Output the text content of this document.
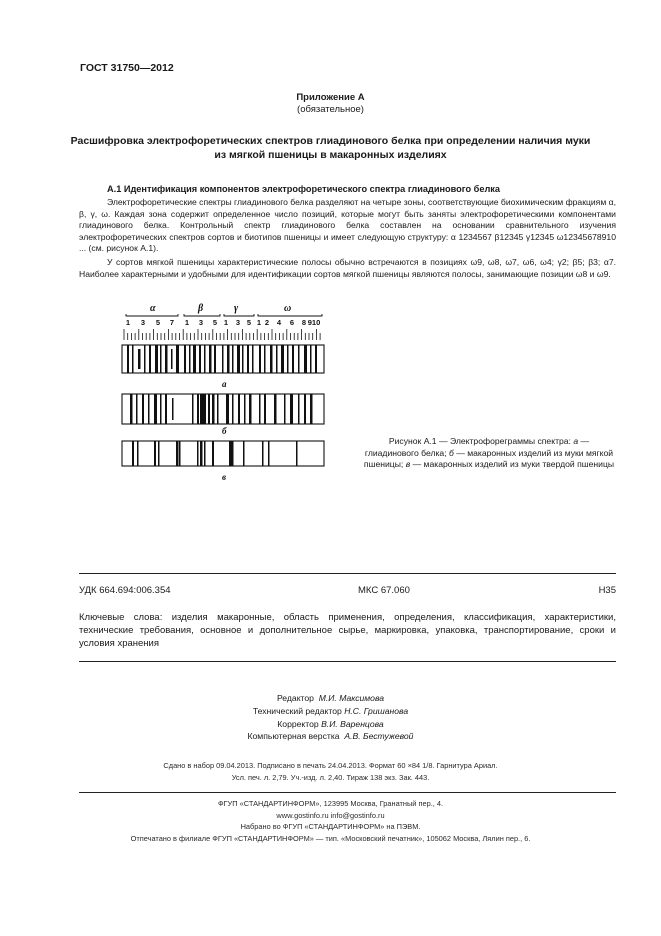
ГОСТ 31750—2012
Приложение А
(обязательное)
Расшифровка электрофоретических спектров глиадинового белка при определении наличия муки из мягкой пшеницы в макаронных изделиях
А.1 Идентификация компонентов электрофоретического спектра глиадинового белка

Электрофоретические спектры глиадинового белка разделяют на четыре зоны, соответствующие биохимическим фракциям α, β, γ, ω. Каждая зона содержит определенное число позиций, которые могут быть заняты электрофоретическими компонентами глиадинового белка. Контрольный спектр глиадинового белка составлен на основании сравнительного изучения электрофоретических спектров сортов и биотипов пшеницы и имеет следующую структуру: α 1234567 β12345 γ12345 ω12345678910 ... (см. рисунок А.1).

У сортов мягкой пшеницы характеристические полосы обычно встречаются в позициях ω9, ω8, ω7, ω6, ω4; γ2; β5; β3; α7. Наиболее характерными и удобными для идентификации сортов мягкой пшеницы являются полосы, занимающие позиции ω8 и ω9.

α	β	γ	ω
1 3 5 7 1 3 5 1 3 5 1 2 4 6 8 910
а
б
в
Рисунок А.1 — Электрофореграммы спектра: а — глиадинового белка; б — макаронных изделий из муки мягкой пшеницы; в — макаронных изделий из муки твердой пшеницы
УДК 664.694:006.354	МКС 67.060	Н35
Ключевые слова: изделия макаронные, область применения, определения, классификация, характеристики, технические требования, основное и дополнительное сырье, маркировка, упаковка, транспортирование, сроки и условия хранения
Редактор М.И. Максимова
Технический редактор Н.С. Гришанова
Корректор В.И. Варенцова
Компьютерная верстка А.В. Бестужевой
Сдано в набор 09.04.2013. Подписано в печать 24.04.2013. Формат 60 ×84 1/8. Гарнитура Ариал.
Усл. печ. л. 2,79. Уч.-изд. л. 2,40. Тираж 138 экз. Зак. 443.
ФГУП «СТАНДАРТИНФОРМ», 123995 Москва, Гранатный пер., 4.
www.gostinfo.ru info@gostinfo.ru
Набрано во ФГУП «СТАНДАРТИНФОРМ» на ПЭВМ.
Отпечатано в филиале ФГУП «СТАНДАРТИНФОРМ» — тип. «Московский печатник», 105062 Москва, Лялин пер., 6.
